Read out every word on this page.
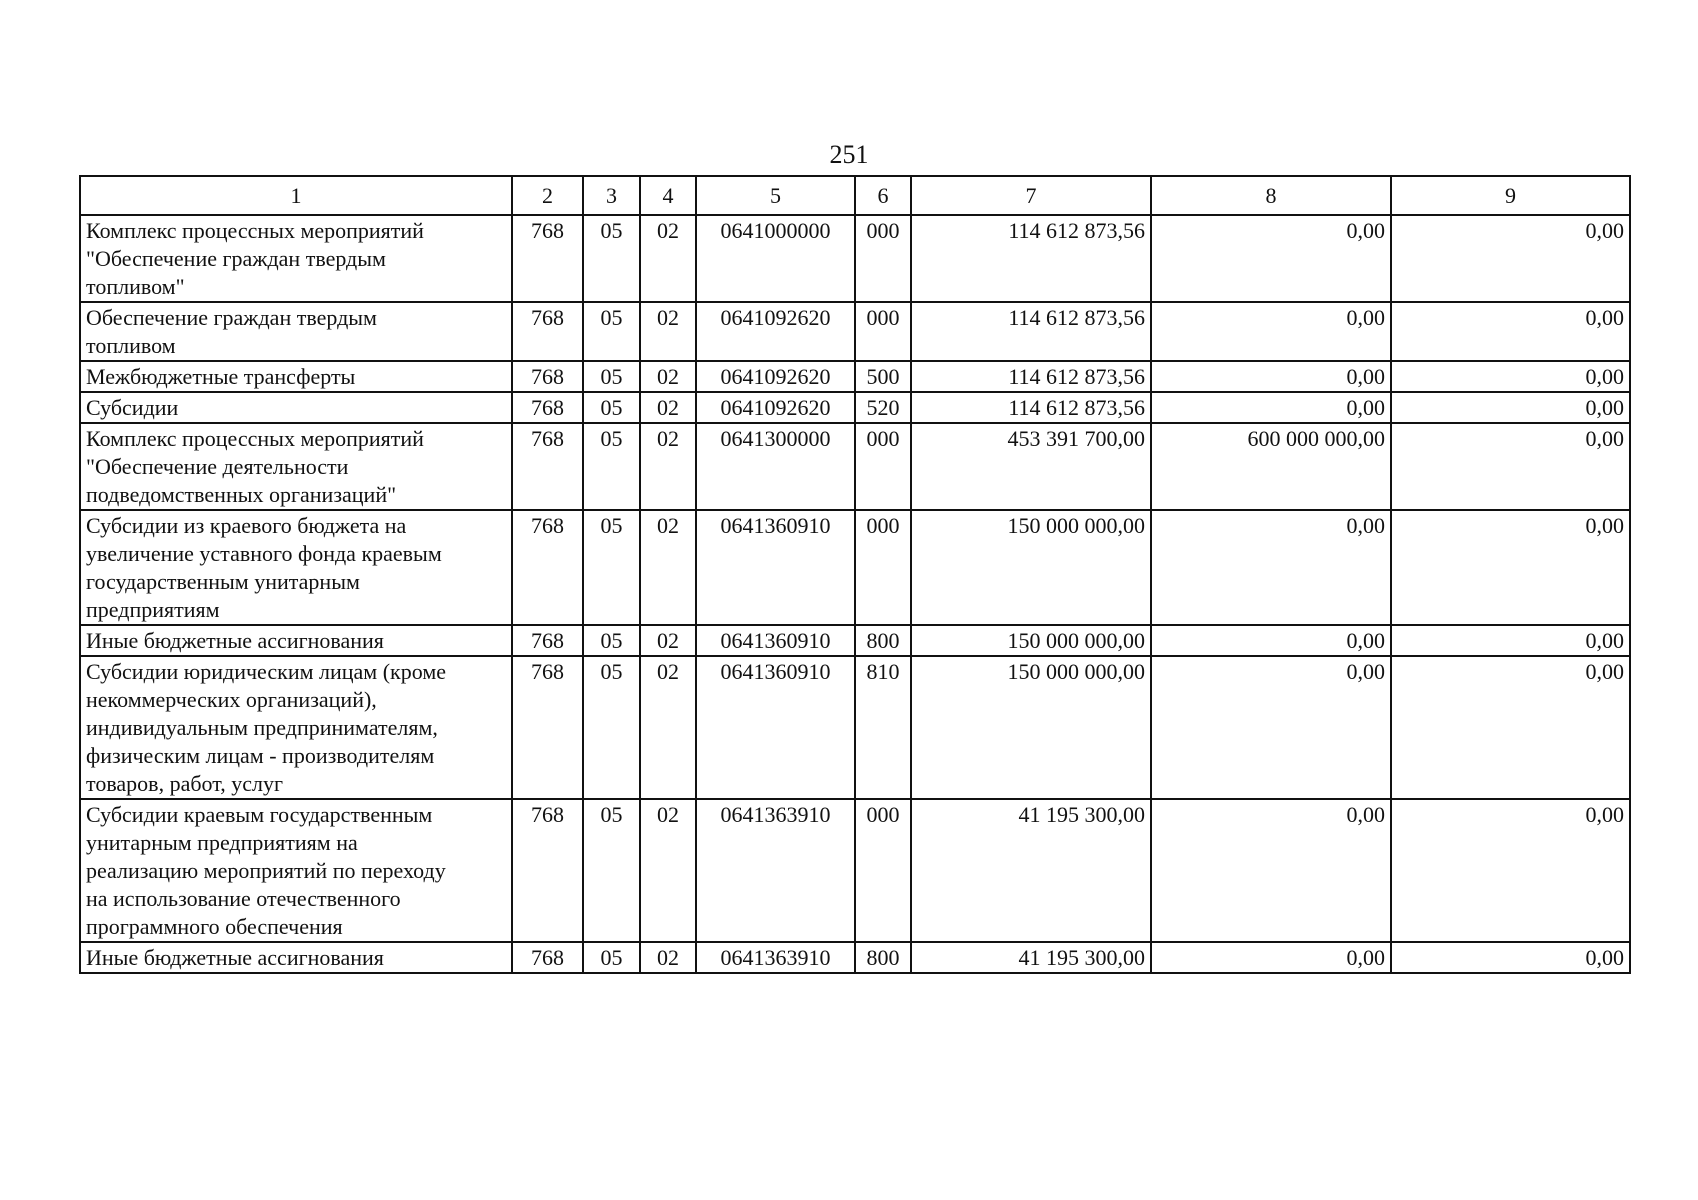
251
1	2	3	4	5	6	7	8	9
Комплекс процессных мероприятий
"Обеспечение граждан твердым
топливом"	768	05	02	0641000000	000	114 612 873,56	0,00	0,00
Обеспечение граждан твердым
топливом	768	05	02	0641092620	000	114 612 873,56	0,00	0,00
Межбюджетные трансферты	768	05	02	0641092620	500	114 612 873,56	0,00	0,00
Субсидии	768	05	02	0641092620	520	114 612 873,56	0,00	0,00
Комплекс процессных мероприятий
"Обеспечение деятельности
подведомственных организаций"	768	05	02	0641300000	000	453 391 700,00	600 000 000,00	0,00
Субсидии из краевого бюджета на
увеличение уставного фонда краевым
государственным унитарным
предприятиям	768	05	02	0641360910	000	150 000 000,00	0,00	0,00
Иные бюджетные ассигнования	768	05	02	0641360910	800	150 000 000,00	0,00	0,00
Субсидии юридическим лицам (кроме
некоммерческих организаций),
индивидуальным предпринимателям,
физическим лицам - производителям
товаров, работ, услуг	768	05	02	0641360910	810	150 000 000,00	0,00	0,00
Субсидии краевым государственным
унитарным предприятиям на
реализацию мероприятий по переходу
на использование отечественного
программного обеспечения	768	05	02	0641363910	000	41 195 300,00	0,00	0,00
Иные бюджетные ассигнования	768	05	02	0641363910	800	41 195 300,00	0,00	0,00
